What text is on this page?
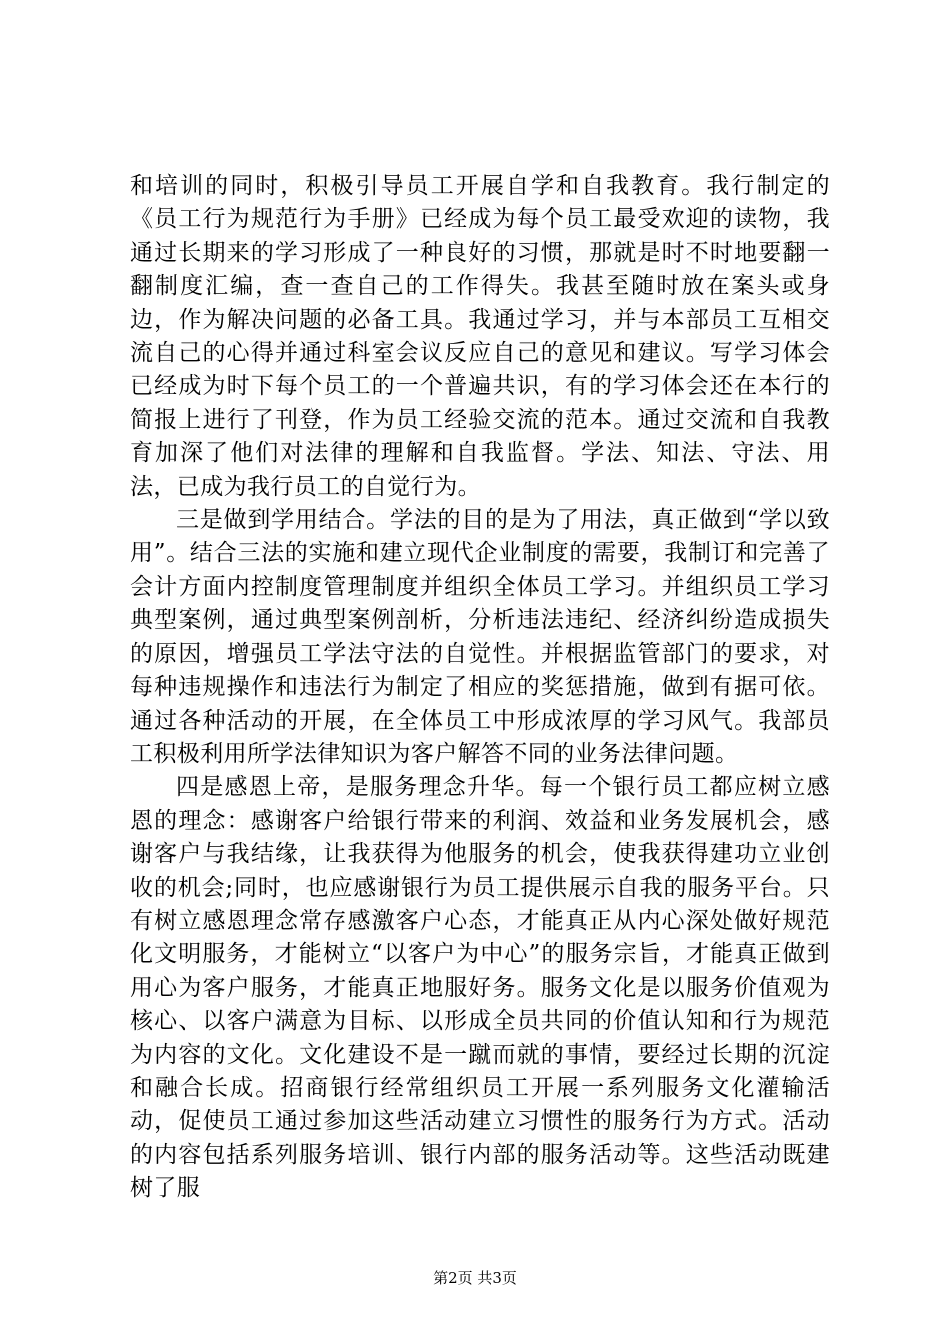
和培训的同时，积极引导员工开展自学和自我教育。我行制定的《员工行为规范行为手册》已经成为每个员工最受欢迎的读物，我通过长期来的学习形成了一种良好的习惯，那就是时不时地要翻一翻制度汇编，查一查自己的工作得失。我甚至随时放在案头或身边，作为解决问题的必备工具。我通过学习，并与本部员工互相交流自己的心得并通过科室会议反应自己的意见和建议。写学习体会已经成为时下每个员工的一个普遍共识，有的学习体会还在本行的简报上进行了刊登，作为员工经验交流的范本。通过交流和自我教育加深了他们对法律的理解和自我监督。学法、知法、守法、用法，已成为我行员工的自觉行为。

三是做到学用结合。学法的目的是为了用法，真正做到“学以致用”。结合三法的实施和建立现代企业制度的需要，我制订和完善了会计方面内控制度管理制度并组织全体员工学习。并组织员工学习典型案例，通过典型案例剖析，分析违法违纪、经济纠纷造成损失的原因，增强员工学法守法的自觉性。并根据监管部门的要求，对每种违规操作和违法行为制定了相应的奖惩措施，做到有据可依。通过各种活动的开展，在全体员工中形成浓厚的学习风气。我部员工积极利用所学法律知识为客户解答不同的业务法律问题。

四是感恩上帝，是服务理念升华。每一个银行员工都应树立感恩的理念：感谢客户给银行带来的利润、效益和业务发展机会，感谢客户与我结缘，让我获得为他服务的机会，使我获得建功立业创收的机会;同时，也应感谢银行为员工提供展示自我的服务平台。只有树立感恩理念常存感激客户心态，才能真正从内心深处做好规范化文明服务，才能树立“以客户为中心”的服务宗旨，才能真正做到用心为客户服务，才能真正地服好务。服务文化是以服务价值观为核心、以客户满意为目标、以形成全员共同的价值认知和行为规范为内容的文化。文化建设不是一蹴而就的事情，要经过长期的沉淀和融合长成。招商银行经常组织员工开展一系列服务文化灌输活动，促使员工通过参加这些活动建立习惯性的服务行为方式。活动的内容包括系列服务培训、银行内部的服务活动等。这些活动既建树了服

第2页 共3页
